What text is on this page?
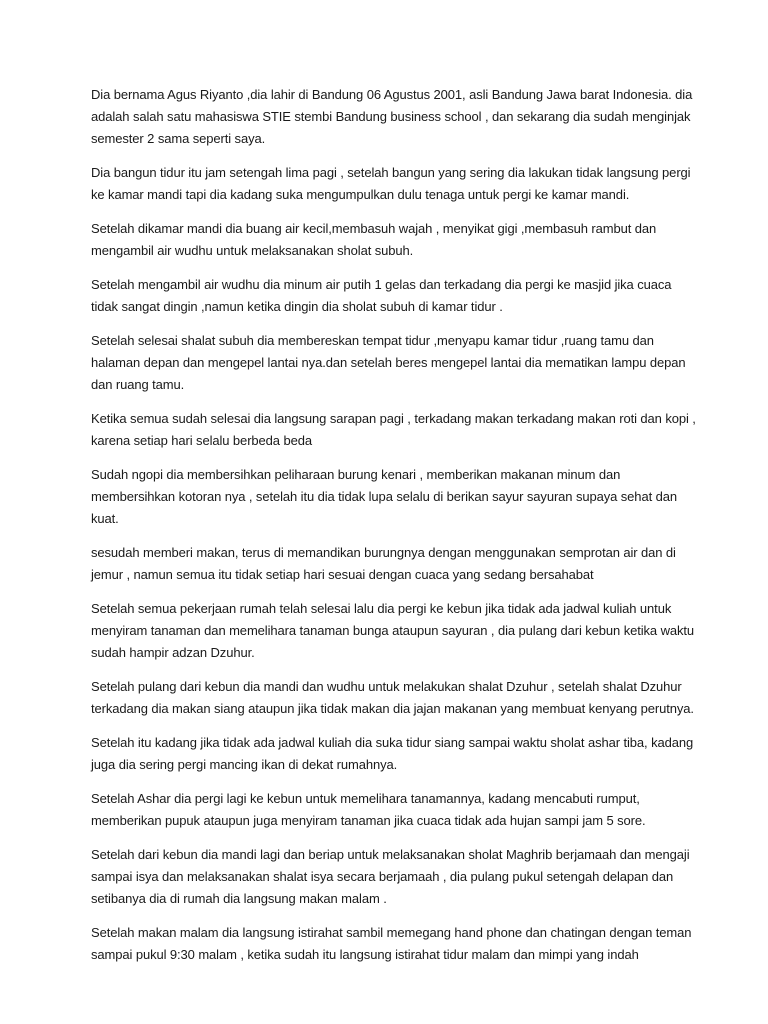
Dia bernama Agus Riyanto ,dia lahir di Bandung 06 Agustus 2001, asli Bandung Jawa barat Indonesia. dia adalah salah satu mahasiswa STIE stembi Bandung business school , dan sekarang dia sudah menginjak semester 2 sama seperti saya.

Dia bangun tidur itu jam setengah lima pagi , setelah bangun yang sering dia lakukan tidak langsung pergi ke kamar mandi tapi dia kadang suka mengumpulkan dulu tenaga untuk pergi ke kamar mandi.

Setelah dikamar mandi dia buang air kecil,membasuh wajah , menyikat gigi ,membasuh rambut dan mengambil air wudhu untuk melaksanakan sholat subuh.

Setelah mengambil air wudhu dia minum air putih 1 gelas dan terkadang dia pergi ke masjid jika cuaca tidak sangat dingin ,namun ketika dingin dia sholat subuh di kamar tidur .

Setelah selesai shalat subuh dia membereskan tempat tidur ,menyapu kamar tidur ,ruang tamu dan halaman depan dan mengepel lantai nya.dan setelah beres mengepel lantai dia mematikan lampu depan dan ruang tamu.

Ketika semua sudah selesai dia langsung sarapan pagi , terkadang makan terkadang makan roti dan kopi , karena setiap hari selalu berbeda beda

Sudah ngopi dia membersihkan peliharaan burung kenari , memberikan makanan minum dan membersihkan kotoran nya , setelah itu dia tidak lupa selalu di berikan sayur sayuran supaya sehat dan kuat.

sesudah memberi makan, terus di memandikan burungnya dengan menggunakan semprotan air dan di jemur , namun semua itu tidak setiap hari sesuai dengan cuaca yang sedang bersahabat

Setelah semua pekerjaan rumah telah selesai lalu dia pergi ke kebun jika tidak ada jadwal kuliah untuk menyiram tanaman dan memelihara tanaman bunga ataupun sayuran , dia pulang dari kebun ketika waktu sudah hampir adzan Dzuhur.

Setelah pulang dari kebun dia mandi dan wudhu untuk melakukan shalat Dzuhur , setelah shalat Dzuhur terkadang dia makan siang ataupun jika tidak makan dia jajan makanan yang membuat kenyang perutnya.

Setelah itu kadang jika tidak ada jadwal kuliah dia suka tidur siang sampai waktu sholat ashar tiba, kadang juga dia sering pergi mancing ikan di dekat rumahnya.

Setelah Ashar dia pergi lagi ke kebun untuk memelihara tanamannya, kadang mencabuti rumput, memberikan pupuk ataupun juga menyiram tanaman jika cuaca tidak ada hujan sampi jam 5 sore.

Setelah dari kebun dia mandi lagi dan beriap untuk melaksanakan sholat Maghrib berjamaah dan mengaji sampai isya dan melaksanakan shalat isya secara berjamaah , dia pulang pukul setengah delapan dan setibanya dia di rumah dia langsung makan malam .

Setelah makan malam dia langsung istirahat sambil memegang hand phone dan chatingan dengan teman sampai pukul 9:30 malam , ketika sudah itu langsung istirahat tidur malam dan mimpi yang indah
